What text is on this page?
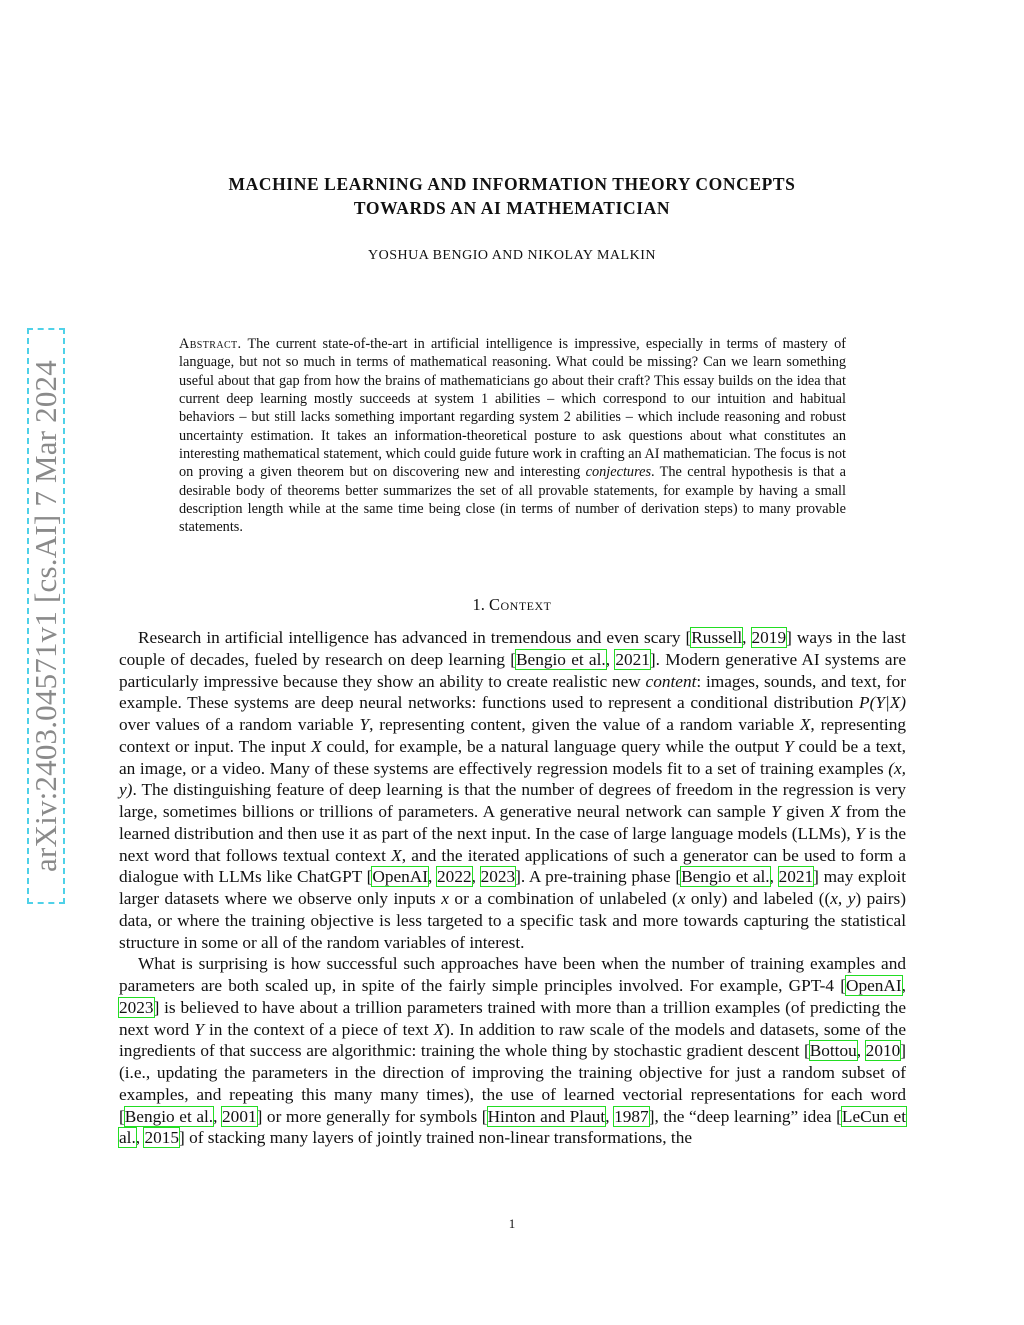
arXiv:2403.04571v1 [cs.AI] 7 Mar 2024
MACHINE LEARNING AND INFORMATION THEORY CONCEPTS
TOWARDS AN AI MATHEMATICIAN
YOSHUA BENGIO AND NIKOLAY MALKIN
Abstract. The current state-of-the-art in artificial intelligence is impressive, especially in terms of mastery of language, but not so much in terms of mathematical reasoning. What could be missing? Can we learn something useful about that gap from how the brains of mathematicians go about their craft? This essay builds on the idea that current deep learning mostly succeeds at system 1 abilities – which correspond to our intuition and habitual behaviors – but still lacks something important regarding system 2 abilities – which include reasoning and robust uncertainty estimation. It takes an information-theoretical posture to ask questions about what constitutes an interesting mathematical statement, which could guide future work in crafting an AI mathematician. The focus is not on proving a given theorem but on discovering new and interesting conjectures. The central hypothesis is that a desirable body of theorems better summarizes the set of all provable statements, for example by having a small description length while at the same time being close (in terms of number of derivation steps) to many provable statements.
1. Context

Research in artificial intelligence has advanced in tremendous and even scary [Russell, 2019] ways in the last couple of decades, fueled by research on deep learning [Bengio et al., 2021]. Modern generative AI systems are particularly impressive because they show an ability to create realistic new content: images, sounds, and text, for example. These systems are deep neural networks: functions used to represent a conditional distribution P(Y|X) over values of a random variable Y, representing content, given the value of a random variable X, representing context or input. The input X could, for example, be a natural language query while the output Y could be a text, an image, or a video. Many of these systems are effectively regression models fit to a set of training examples (x, y). The distinguishing feature of deep learning is that the number of degrees of freedom in the regression is very large, sometimes billions or trillions of parameters. A generative neural network can sample Y given X from the learned distribution and then use it as part of the next input. In the case of large language models (LLMs), Y is the next word that follows textual context X, and the iterated applications of such a generator can be used to form a dialogue with LLMs like ChatGPT [OpenAI, 2022, 2023]. A pre-training phase [Bengio et al., 2021] may exploit larger datasets where we observe only inputs x or a combination of unlabeled (x only) and labeled ((x, y) pairs) data, or where the training objective is less targeted to a specific task and more towards capturing the statistical structure in some or all of the random variables of interest.

What is surprising is how successful such approaches have been when the number of training examples and parameters are both scaled up, in spite of the fairly simple principles involved. For example, GPT-4 [OpenAI, 2023] is believed to have about a trillion parameters trained with more than a trillion examples (of predicting the next word Y in the context of a piece of text X). In addition to raw scale of the models and datasets, some of the ingredients of that success are algorithmic: training the whole thing by stochastic gradient descent [Bottou, 2010] (i.e., updating the parameters in the direction of improving the training objective for just a random subset of examples, and repeating this many many times), the use of learned vectorial representations for each word [Bengio et al., 2001] or more generally for symbols [Hinton and Plaut, 1987], the “deep learning” idea [LeCun et al., 2015] of stacking many layers of jointly trained non-linear transformations, the

1
